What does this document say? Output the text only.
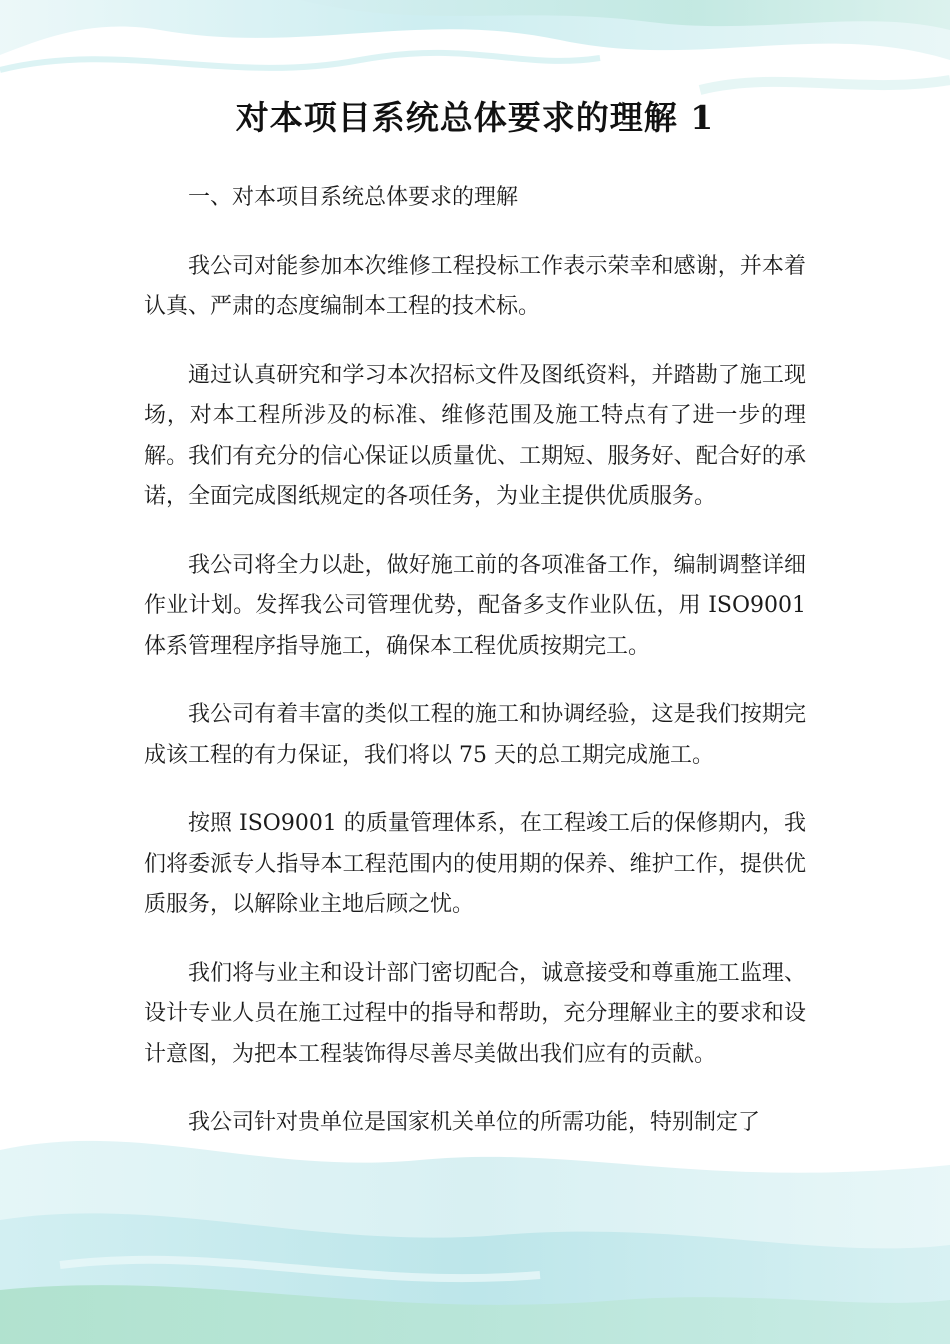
对本项目系统总体要求的理解 1

一、对本项目系统总体要求的理解

我公司对能参加本次维修工程投标工作表示荣幸和感谢，并本着认真、严肃的态度编制本工程的技术标。

通过认真研究和学习本次招标文件及图纸资料，并踏勘了施工现场，对本工程所涉及的标准、维修范围及施工特点有了进一步的理解。我们有充分的信心保证以质量优、工期短、服务好、配合好的承诺，全面完成图纸规定的各项任务，为业主提供优质服务。

我公司将全力以赴，做好施工前的各项准备工作，编制调整详细作业计划。发挥我公司管理优势，配备多支作业队伍，用 ISO9001 体系管理程序指导施工，确保本工程优质按期完工。

我公司有着丰富的类似工程的施工和协调经验，这是我们按期完成该工程的有力保证，我们将以 75 天的总工期完成施工。

按照 ISO9001 的质量管理体系，在工程竣工后的保修期内，我们将委派专人指导本工程范围内的使用期的保养、维护工作，提供优质服务，以解除业主地后顾之忧。

我们将与业主和设计部门密切配合，诚意接受和尊重施工监理、设计专业人员在施工过程中的指导和帮助，充分理解业主的要求和设计意图，为把本工程装饰得尽善尽美做出我们应有的贡献。

我公司针对贵单位是国家机关单位的所需功能，特别制定了
